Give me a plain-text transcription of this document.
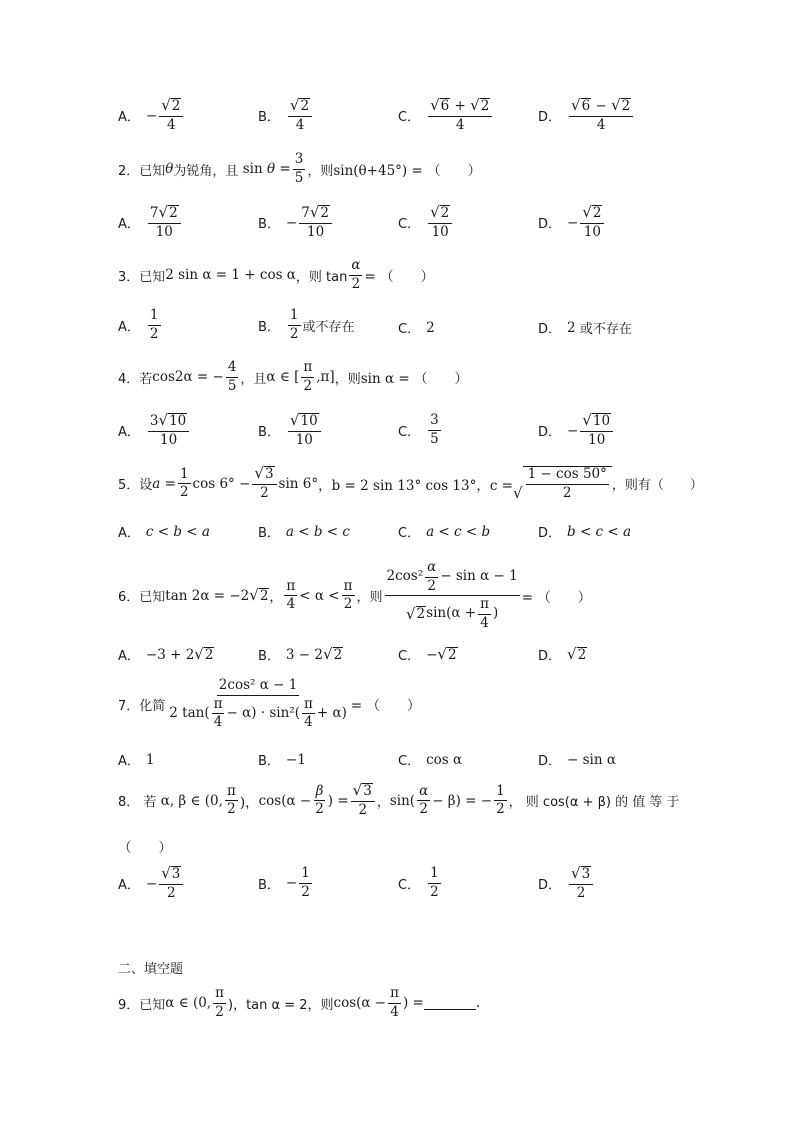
A． − $\frac{√ 2}{4}$	B． $\frac{√ 2}{4}$	C． $\frac{√ 6 + √ 2}{4}$	D． $\frac{√ 6 - √ 2}{4}$
2．已知 θ 为锐角，且
$\sin \theta = \frac{3}{5}$ ，则 sin(θ+45°) = （　　）
A． $\frac{7 √ 2}{10}$	B． − $\frac{7 √ 2}{10}$	C． $\frac{√ 2}{10}$	D． − $\frac{√ 2}{10}$
3．已知 2 sin α = 1 + cos α ，则 $\tan \frac{\alpha}{2}$ = （　　）
A． $\frac{1}{2}$	B． $\frac{1}{2}$ 或不存在	C． 2	D． 2
或不存在
4．若 cos2α = − $\frac{4}{5}$ ，且 α ∈ [ $\frac{\pi}{2} ,\pi$] ，则 sin α = （　　）
A． $\frac{3 √ 10}{10}$	B． $\frac{√ 10}{10}$	C． $\frac{3}{5}$	D． − $\frac{√ 10}{10}$
5．设 $a = \frac{1}{2}$ $\cos 6^\circ - \frac{√ 3}{2}$ sin 6° ，b = 2 sin 13° cos 13° ，c = √ $\frac{1 - \cos 50^\circ}{2}$ ，则有（　　）
A． c < b < a	B． a < b < c	C． a < c < b	D． b < c < a
6．已知 tan 2α = −2 √ 2 ， $\frac{\pi}{4} < \alpha < \frac{\pi}{2}$ ，则 $\frac{2\cos^2 \frac{\alpha}{2} - \sin \alpha - 1}{√ 2 \sin(\alpha + \frac{\pi}{4} )}$ = （　　）
A． −3 + 2 √ 2	B． 3 − 2 √ 2	C． − √ 2	D． √ 2
7．化简 $\frac{\text{2cos² α − 1}}{2 \tan( \frac{\pi}{4} - \alpha) \cdot \sin^2( \frac{\pi}{4} + \alpha)}$ = （　　）
A． 1	B． −1	C． cos α	D． − sin α
8． 若
α, β ∈ (0, $\frac{\pi}{2}$ )， $\cos(\alpha - \frac{\beta}{2}$ ) = $\frac{√ 3}{2}$ ， $\sin( \frac{\alpha}{2} - \beta)$ = − $\frac{1}{2}$ ， 则 cos(α + β) 的 值 等 于
（　　）
A． − $\frac{√ 3}{2}$	B． − $\frac{1}{2}$	C． $\frac{1}{2}$	D． $\frac{√ 3}{2}$
二、填空题
9．已知 α ∈ (0, $\frac{\pi}{2}$ )，tan α = 2，则 $\cos(\alpha - \frac{\pi}{4}$ ) =	.
